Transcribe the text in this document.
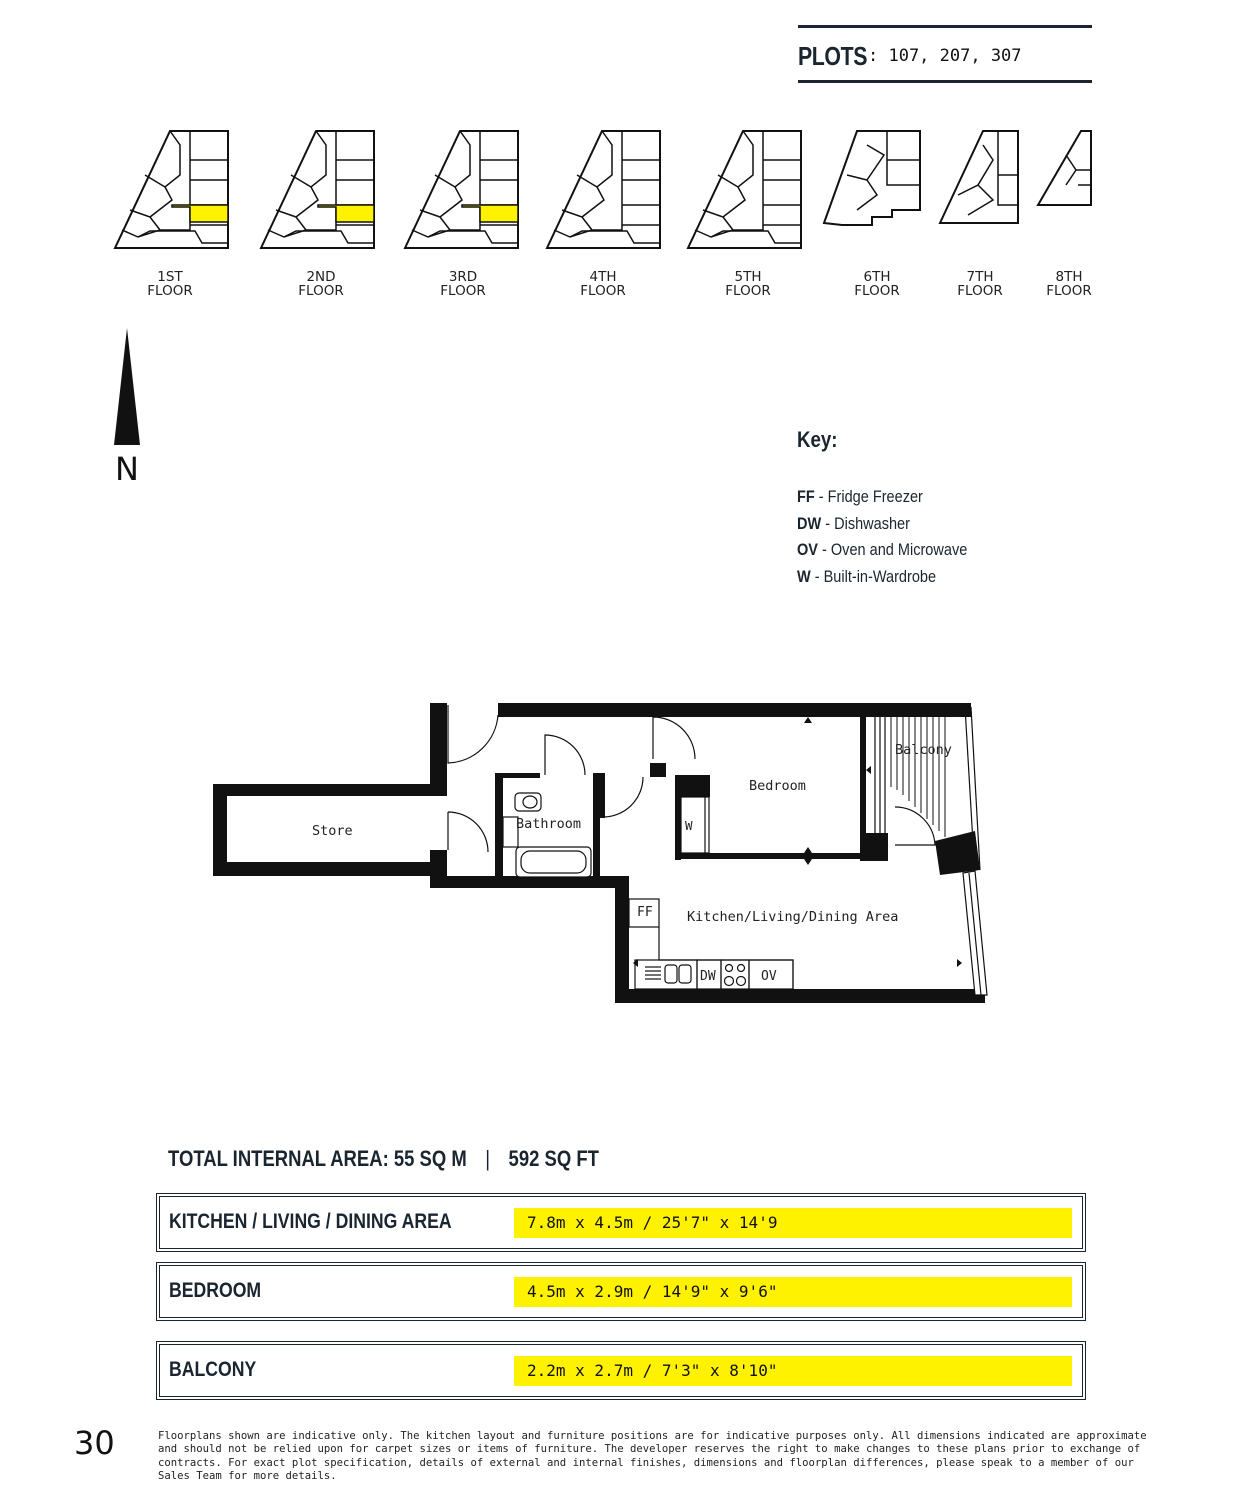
PLOTS : 107, 207, 307
1ST
FLOOR
2ND
FLOOR
3RD
FLOOR
4TH
FLOOR
5TH
FLOOR
6TH
FLOOR
7TH
FLOOR
8TH
FLOOR
N
Key:
FF - Fridge Freezer
DW - Dishwasher
OV - Oven and Microwave
W - Built-in-Wardrobe
Store	Bathroom
Bedroom
Balcony
Kitchen/Living/Dining Area
FF
DW	OV
W
TOTAL INTERNAL AREA: 55 SQ M | 592 SQ FT
KITCHEN / LIVING / DINING AREA	7.8m x 4.5m / 25'7" x 14'9
BEDROOM	4.5m x 2.9m / 14'9" x 9'6"
BALCONY	2.2m x 2.7m / 7'3" x 8'10"
30	Floorplans shown are indicative only. The kitchen layout and furniture positions are for indicative purposes only. All dimensions indicated are approximate and should not be relied upon for carpet sizes or items of furniture. The developer reserves the right to make changes to these plans prior to exchange of contracts. For exact plot specification, details of external and internal finishes, dimensions and floorplan differences, please speak to a member of our Sales Team for more details.
